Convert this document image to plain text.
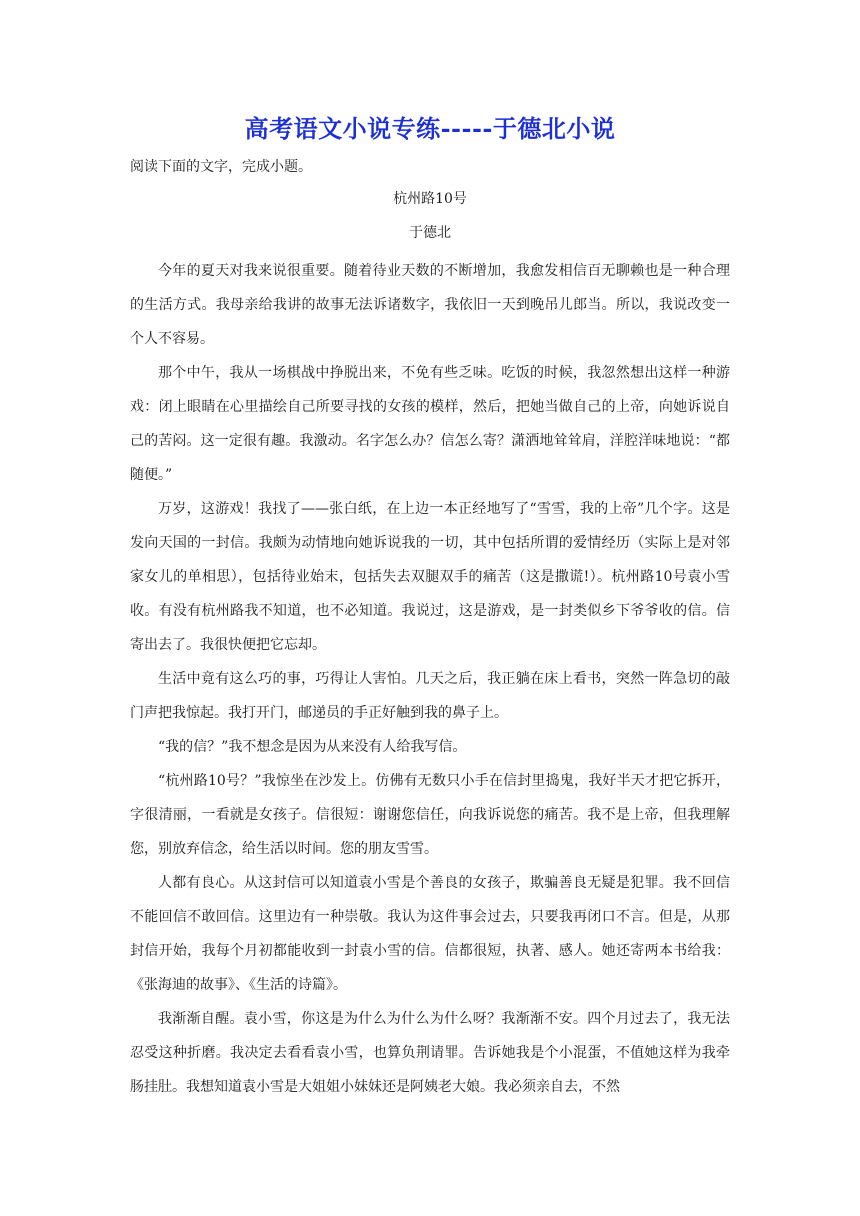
高考语文小说专练-----于德北小说
阅读下面的文字，完成小题。
杭州路10号
于德北

今年的夏天对我来说很重要。随着待业天数的不断增加，我愈发相信百无聊赖也是一种合理的生活方式。我母亲给我讲的故事无法诉诸数字，我依旧一天到晚吊儿郎当。所以，我说改变一个人不容易。

那个中午，我从一场棋战中挣脱出来，不免有些乏味。吃饭的时候，我忽然想出这样一种游戏：闭上眼睛在心里描绘自己所要寻找的女孩的模样，然后，把她当做自己的上帝，向她诉说自己的苦闷。这一定很有趣。我激动。名字怎么办？信怎么寄？潇洒地耸耸肩，洋腔洋味地说：“都随便。”

万岁，这游戏！我找了——张白纸，在上边一本正经地写了“雪雪，我的上帝”几个字。这是发向天国的一封信。我颇为动情地向她诉说我的一切，其中包括所谓的爱情经历（实际上是对邻家女儿的单相思），包括待业始末，包括失去双腿双手的痛苦（这是撒谎!）。杭州路10号袁小雪收。有没有杭州路我不知道，也不必知道。我说过，这是游戏，是一封类似乡下爷爷收的信。信寄出去了。我很快便把它忘却。

生活中竟有这么巧的事，巧得让人害怕。几天之后，我正躺在床上看书，突然一阵急切的敲门声把我惊起。我打开门，邮递员的手正好触到我的鼻子上。

“我的信？”我不想念是因为从来没有人给我写信。

“杭州路10号？”我惊坐在沙发上。仿佛有无数只小手在信封里捣鬼，我好半天才把它拆开，字很清丽，一看就是女孩子。信很短：谢谢您信任，向我诉说您的痛苦。我不是上帝，但我理解您，别放弃信念，给生活以时间。您的朋友雪雪。

人都有良心。从这封信可以知道袁小雪是个善良的女孩子，欺骗善良无疑是犯罪。我不回信不能回信不敢回信。这里边有一种崇敬。我认为这件事会过去，只要我再闭口不言。但是，从那封信开始，我每个月初都能收到一封袁小雪的信。信都很短，执著、感人。她还寄两本书给我：《张海迪的故事》、《生活的诗篇》。

我渐渐自醒。袁小雪，你这是为什么为什么为什么呀？我渐渐不安。四个月过去了，我无法忍受这种折磨。我决定去看看袁小雪，也算负荆请罪。告诉她我是个小混蛋，不值她这样为我牵肠挂肚。我想知道袁小雪是大姐姐小妹妹还是阿姨老大娘。我必须亲自去，不然
